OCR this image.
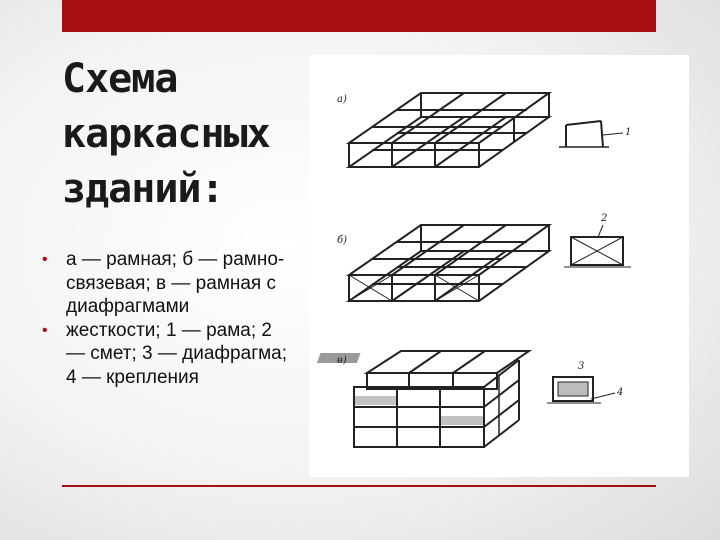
Схема
каркасных
зданий:
• а — рамная; б — рамно-связевая; в — рамная с диафрагмами
• жесткости; 1 — рама; 2 — смет; 3 — диафрагма; 4 — крепления
а)
1
б)
2
в)
3
4
